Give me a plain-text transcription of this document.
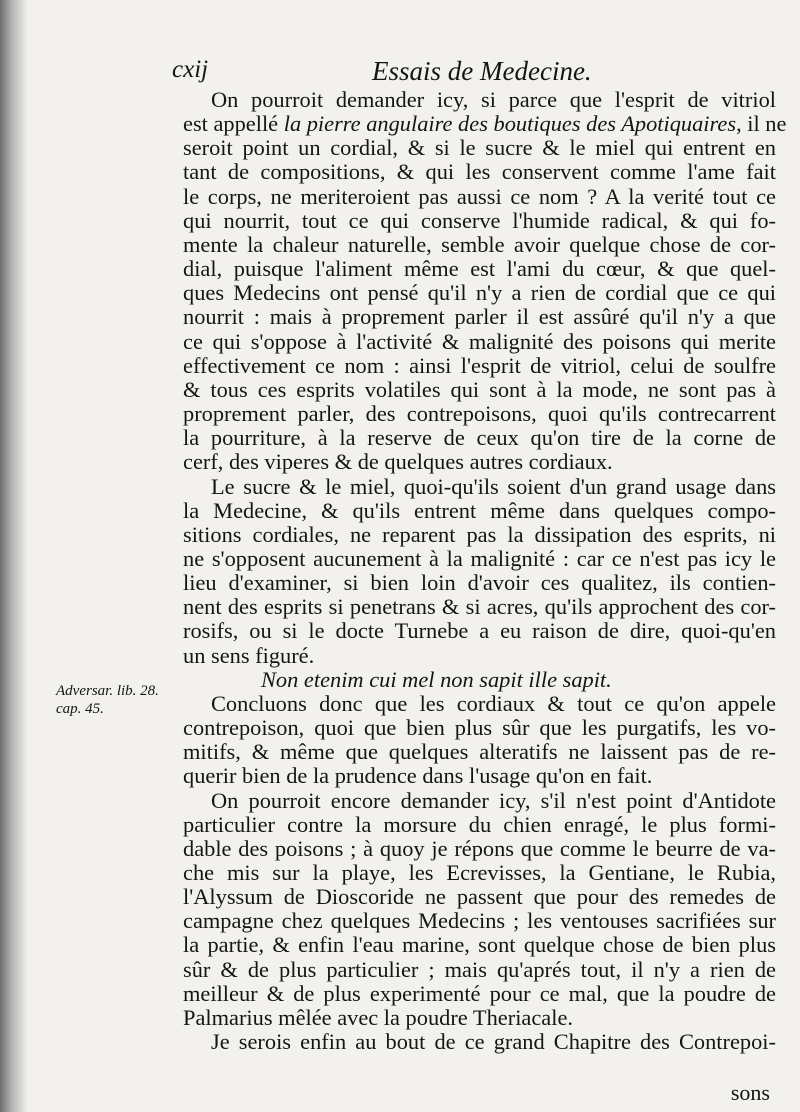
cxij	Essais de Medecine.
Adversar. lib. 28.
cap. 45.
On pourroit demander icy, si parce que l'esprit de vitriol
est appellé la pierre angulaire des boutiques des Apotiquaires, il ne
seroit point un cordial, & si le sucre & le miel qui entrent en
tant de compositions, & qui les conservent comme l'ame fait
le corps, ne meriteroient pas aussi ce nom ? A la verité tout ce
qui nourrit, tout ce qui conserve l'humide radical, & qui fo-
mente la chaleur naturelle, semble avoir quelque chose de cor-
dial, puisque l'aliment même est l'ami du cœur, & que quel-
ques Medecins ont pensé qu'il n'y a rien de cordial que ce qui
nourrit : mais à proprement parler il est assûré qu'il n'y a que
ce qui s'oppose à l'activité & malignité des poisons qui merite
effectivement ce nom : ainsi l'esprit de vitriol, celui de soulfre
& tous ces esprits volatiles qui sont à la mode, ne sont pas à
proprement parler, des contrepoisons, quoi qu'ils contrecarrent
la pourriture, à la reserve de ceux qu'on tire de la corne de
cerf, des viperes & de quelques autres cordiaux.
Le sucre & le miel, quoi-qu'ils soient d'un grand usage dans
la Medecine, & qu'ils entrent même dans quelques compo-
sitions cordiales, ne reparent pas la dissipation des esprits, ni
ne s'opposent aucunement à la malignité : car ce n'est pas icy le
lieu d'examiner, si bien loin d'avoir ces qualitez, ils contien-
nent des esprits si penetrans & si acres, qu'ils approchent des cor-
rosifs, ou si le docte Turnebe a eu raison de dire, quoi-qu'en
un sens figuré.
Non etenim cui mel non sapit ille sapit.
Concluons donc que les cordiaux & tout ce qu'on appele
contrepoison, quoi que bien plus sûr que les purgatifs, les vo-
mitifs, & même que quelques alteratifs ne laissent pas de re-
querir bien de la prudence dans l'usage qu'on en fait.
On pourroit encore demander icy, s'il n'est point d'Antidote
particulier contre la morsure du chien enragé, le plus formi-
dable des poisons ; à quoy je répons que comme le beurre de va-
che mis sur la playe, les Ecrevisses, la Gentiane, le Rubia,
l'Alyssum de Dioscoride ne passent que pour des remedes de
campagne chez quelques Medecins ; les ventouses sacrifiées sur
la partie, & enfin l'eau marine, sont quelque chose de bien plus
sûr & de plus particulier ; mais qu'aprés tout, il n'y a rien de
meilleur & de plus experimenté pour ce mal, que la poudre de
Palmarius mêlée avec la poudre Theriacale.
Je serois enfin au bout de ce grand Chapitre des Contrepoi-
sons
